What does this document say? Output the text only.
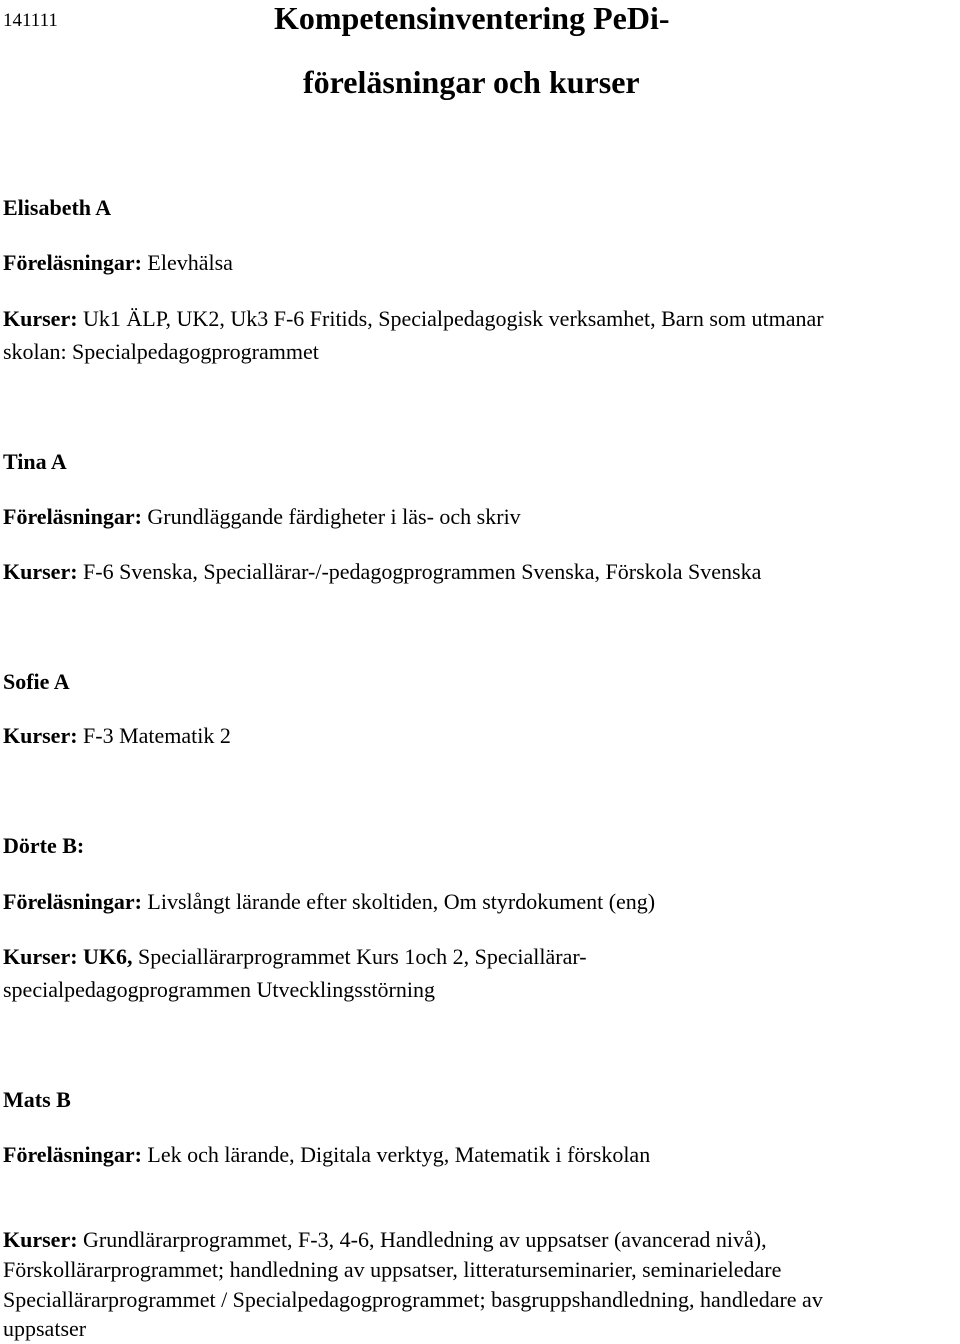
141111	Kompetensinventering PeDi-
föreläsningar och kurser
Elisabeth A
Föreläsningar: Elevhälsa
Kurser: Uk1 ÄLP, UK2, Uk3 F-6 Fritids, Specialpedagogisk verksamhet, Barn som utmanar
skolan: Specialpedagogprogrammet
Tina A
Föreläsningar: Grundläggande färdigheter i läs- och skriv
Kurser: F-6 Svenska, Speciallärar-/-pedagogprogrammen Svenska, Förskola Svenska
Sofie A
Kurser: F-3 Matematik 2
Dörte B:
Föreläsningar: Livslångt lärande efter skoltiden, Om styrdokument (eng)
Kurser: UK6, Speciallärarprogrammet Kurs 1och 2, Speciallärar-
specialpedagogprogrammen Utvecklingsstörning
Mats B
Föreläsningar: Lek och lärande, Digitala verktyg, Matematik i förskolan
Kurser: Grundlärarprogrammet, F-3, 4-6, Handledning av uppsatser (avancerad nivå),
Förskollärarprogrammet; handledning av uppsatser, litteraturseminarier, seminarieledare
Speciallärarprogrammet / Specialpedagogprogrammet; basgruppshandledning, handledare av
uppsatser
